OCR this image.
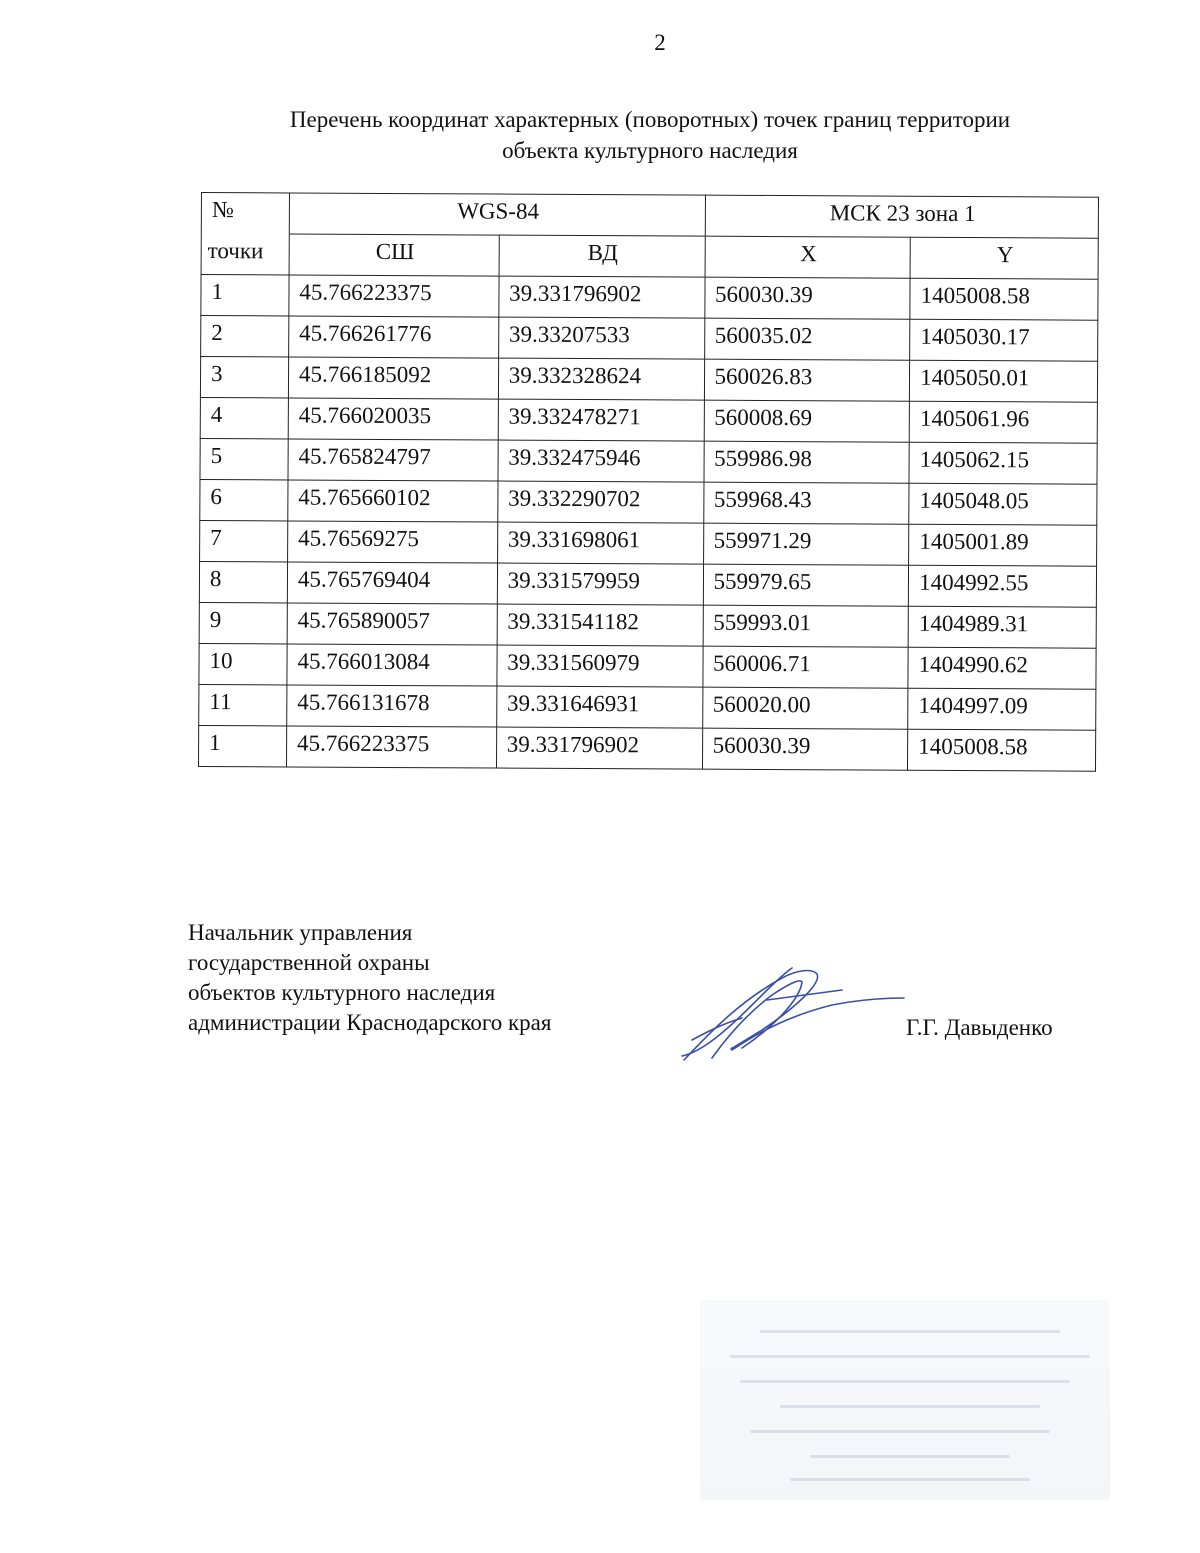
2
Перечень координат характерных (поворотных) точек границ территории
объекта культурного наследия
№	WGS-84		МСК 23 зона 1	
точки	СШ	ВД	X	Y
1	45.766223375	39.331796902	560030.39	1405008.58
2	45.766261776	39.33207533	560035.02	1405030.17
3	45.766185092	39.332328624	560026.83	1405050.01
4	45.766020035	39.332478271	560008.69	1405061.96
5	45.765824797	39.332475946	559986.98	1405062.15
6	45.765660102	39.332290702	559968.43	1405048.05
7	45.76569275	39.331698061	559971.29	1405001.89
8	45.765769404	39.331579959	559979.65	1404992.55
9	45.765890057	39.331541182	559993.01	1404989.31
10	45.766013084	39.331560979	560006.71	1404990.62
11	45.766131678	39.331646931	560020.00	1404997.09
1	45.766223375	39.331796902	560030.39	1405008.58
Начальник управления
государственной охраны
объектов культурного наследия
администрации Краснодарского края	Г.Г. Давыденко
